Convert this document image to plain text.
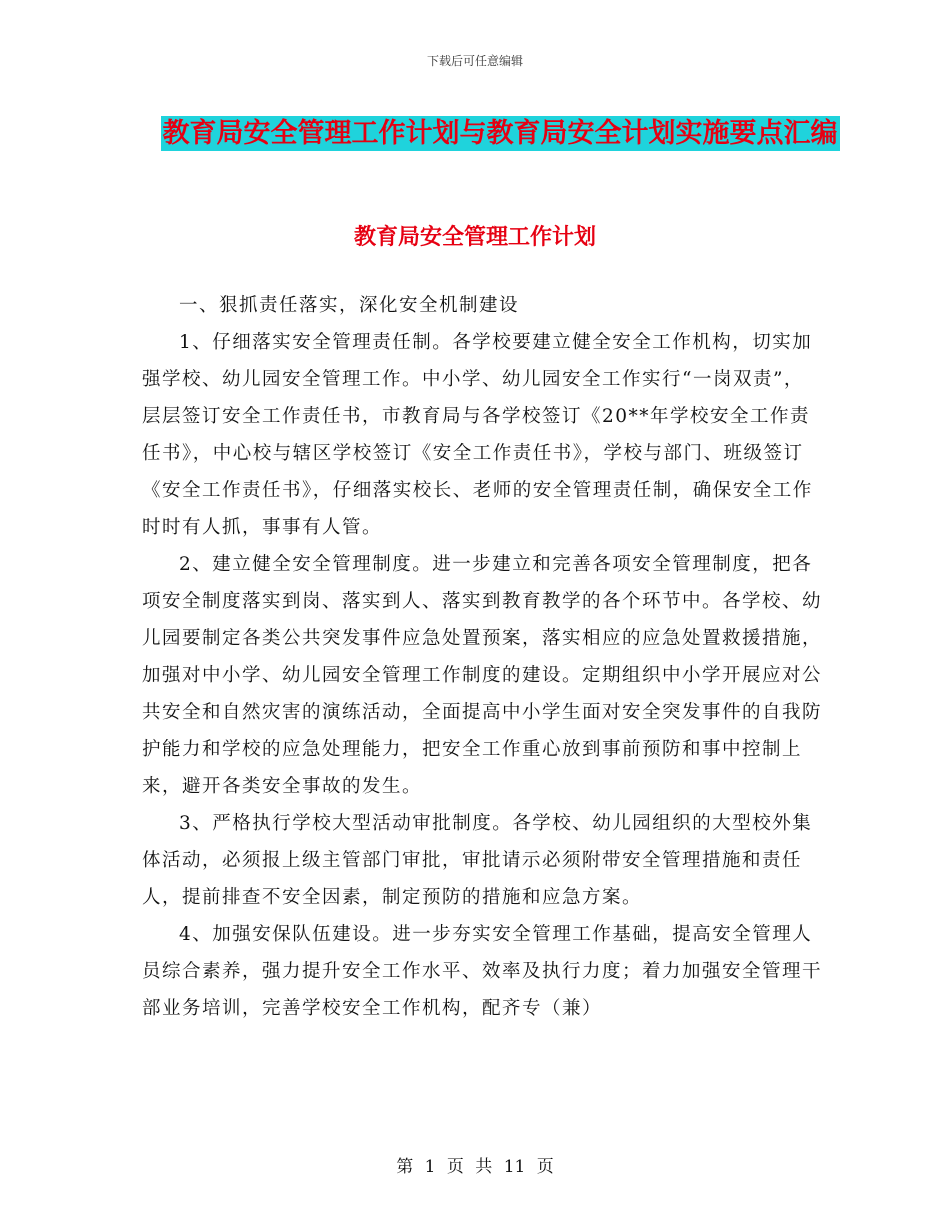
下载后可任意编辑
教育局安全管理工作计划与教育局安全计划实施要点汇编
教育局安全管理工作计划

一、狠抓责任落实，深化安全机制建设

1、仔细落实安全管理责任制。各学校要建立健全安全工作机构，切实加强学校、幼儿园安全管理工作。中小学、幼儿园安全工作实行“一岗双责”，层层签订安全工作责任书，市教育局与各学校签订《20**年学校安全工作责任书》，中心校与辖区学校签订《安全工作责任书》，学校与部门、班级签订《安全工作责任书》，仔细落实校长、老师的安全管理责任制，确保安全工作时时有人抓，事事有人管。

2、建立健全安全管理制度。进一步建立和完善各项安全管理制度，把各项安全制度落实到岗、落实到人、落实到教育教学的各个环节中。各学校、幼儿园要制定各类公共突发事件应急处置预案，落实相应的应急处置救援措施，加强对中小学、幼儿园安全管理工作制度的建设。定期组织中小学开展应对公共安全和自然灾害的演练活动，全面提高中小学生面对安全突发事件的自我防护能力和学校的应急处理能力，把安全工作重心放到事前预防和事中控制上来，避开各类安全事故的发生。

3、严格执行学校大型活动审批制度。各学校、幼儿园组织的大型校外集体活动，必须报上级主管部门审批，审批请示必须附带安全管理措施和责任人，提前排查不安全因素，制定预防的措施和应急方案。

4、加强安保队伍建设。进一步夯实安全管理工作基础，提高安全管理人员综合素养，强力提升安全工作水平、效率及执行力度；着力加强安全管理干部业务培训，完善学校安全工作机构，配齐专（兼）

第 1 页 共 11 页
